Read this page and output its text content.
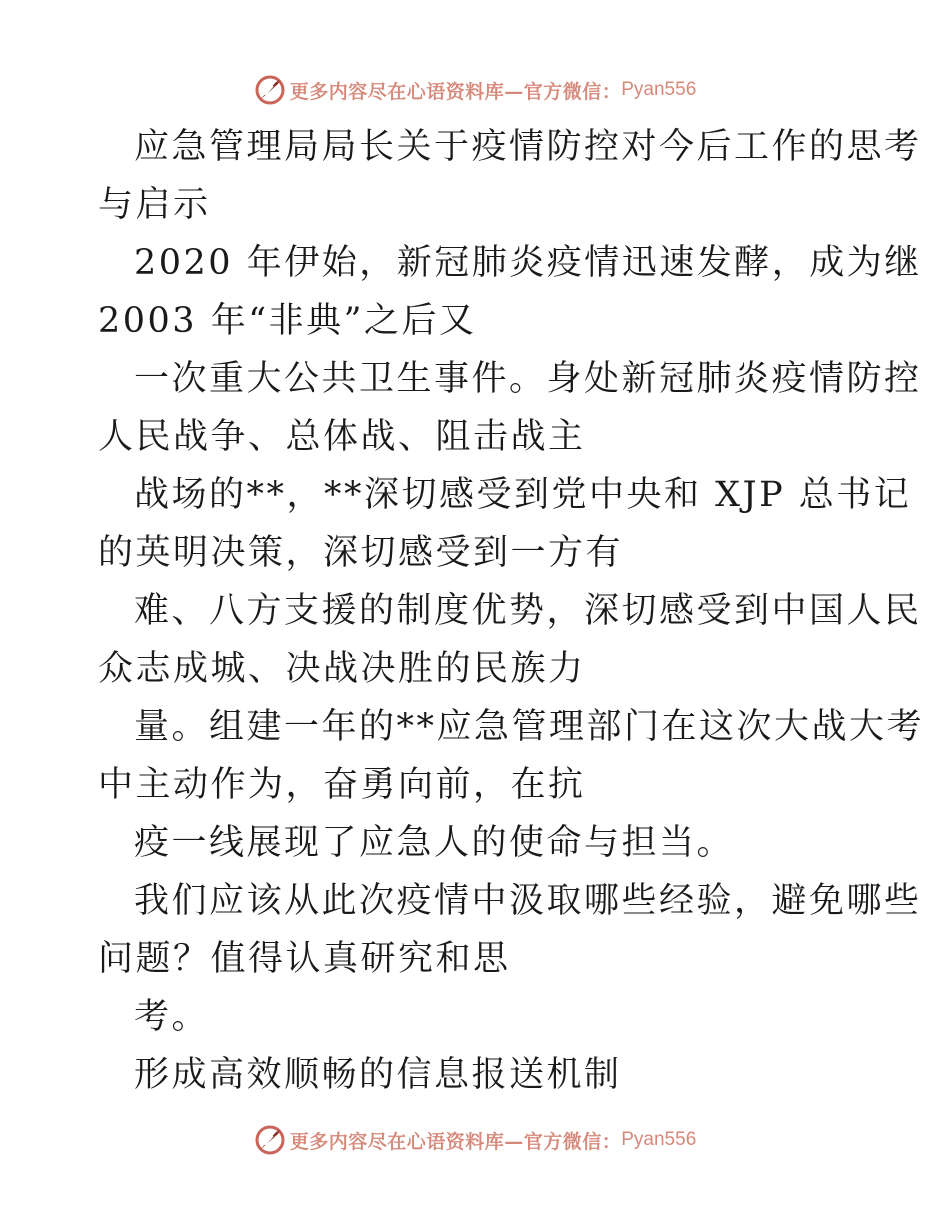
更多内容尽在心语资料库—官方微信： Pyan556
应急管理局局长关于疫情防控对今后工作的思考
与启示
2020 年伊始，新冠肺炎疫情迅速发酵，成为继
2003 年“非典”之后又
一次重大公共卫生事件。身处新冠肺炎疫情防控
人民战争、总体战、阻击战主
战场的**，**深切感受到党中央和 XJP 总书记
的英明决策，深切感受到一方有
难、八方支援的制度优势，深切感受到中国人民
众志成城、决战决胜的民族力
量。组建一年的**应急管理部门在这次大战大考
中主动作为，奋勇向前，在抗
疫一线展现了应急人的使命与担当。
我们应该从此次疫情中汲取哪些经验，避免哪些
问题？值得认真研究和思
考。
形成高效顺畅的信息报送机制
更多内容尽在心语资料库—官方微信： Pyan556
